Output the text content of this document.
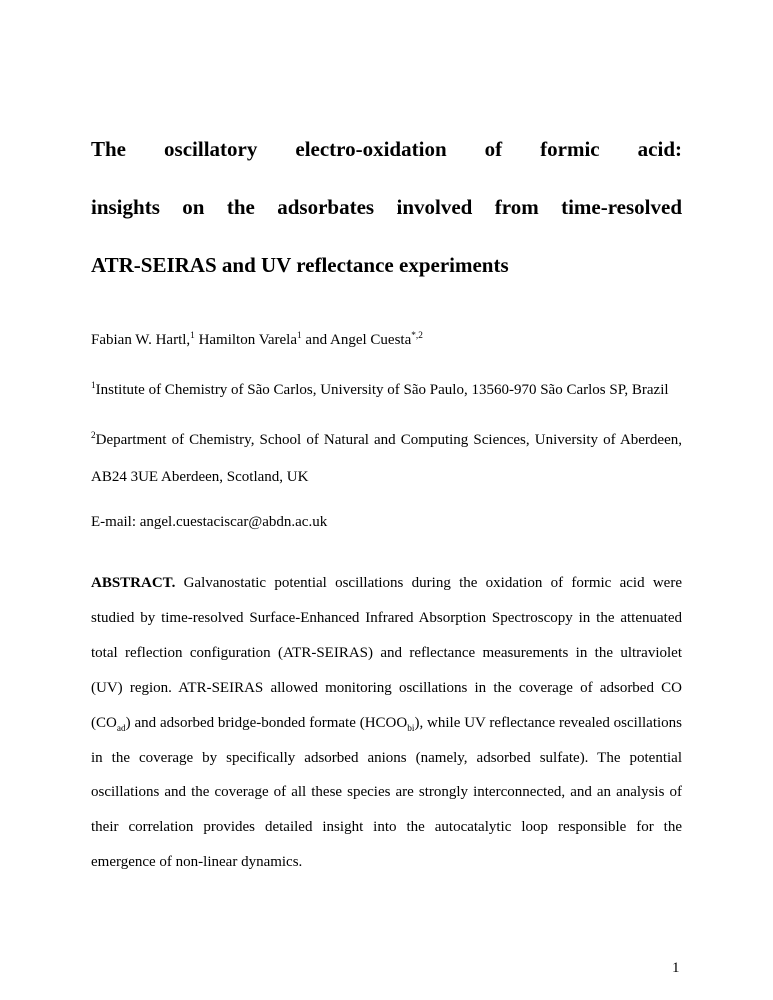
The oscillatory electro-oxidation of formic acid:
insights on the adsorbates involved from time-resolved
ATR-SEIRAS and UV reflectance experiments
Fabian W. Hartl,$^1$ Hamilton Varela$^1$ and Angel Cuesta$^{*,2}$
$^1$Institute of Chemistry of São Carlos, University of São Paulo, 13560-970 São Carlos SP, Brazil
$^2$Department of Chemistry, School of Natural and Computing Sciences, University of Aberdeen, AB24 3UE Aberdeen, Scotland, UK
E-mail: angel.cuestaciscar@abdn.ac.uk
ABSTRACT. Galvanostatic potential oscillations during the oxidation of formic acid were studied by time-resolved Surface-Enhanced Infrared Absorption Spectroscopy in the attenuated total reflection configuration (ATR-SEIRAS) and reflectance measurements in the ultraviolet (UV) region. ATR-SEIRAS allowed monitoring oscillations in the coverage of adsorbed CO $(CO_{ad})$ and adsorbed bridge-bonded formate $(HCOO_{bi})$, while UV reflectance revealed oscillations in the coverage by specifically adsorbed anions (namely, adsorbed sulfate). The potential oscillations and the coverage of all these species are strongly interconnected, and an analysis of their correlation provides detailed insight into the autocatalytic loop responsible for the emergence of non-linear dynamics.
1
